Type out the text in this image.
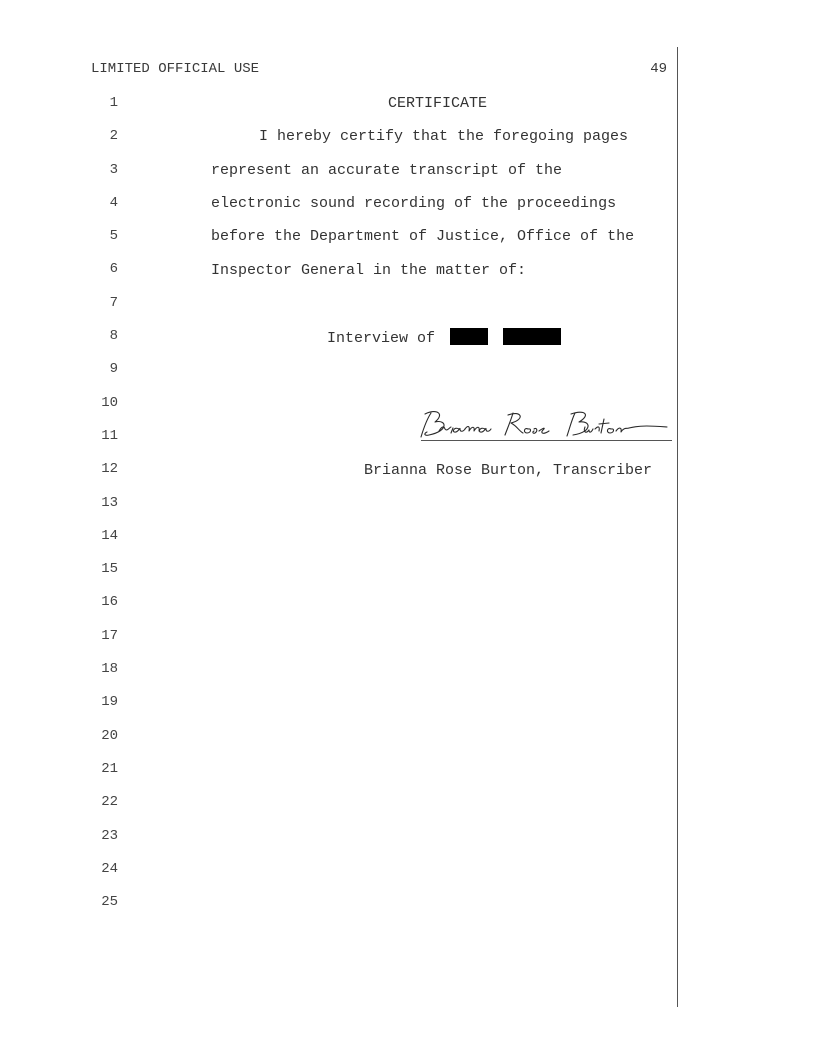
LIMITED OFFICIAL USE	49
1
2
3
4
5
6
7
8
9
10
11
12
13
14
15
16
17
18
19
20
21
22
23
24
25
CERTIFICATE
I hereby certify that the foregoing pages
represent an accurate transcript of the
electronic sound recording of the proceedings
before the Department of Justice, Office of the
Inspector General in the matter of:
Interview of
Brianna Rose Burton, Transcriber
